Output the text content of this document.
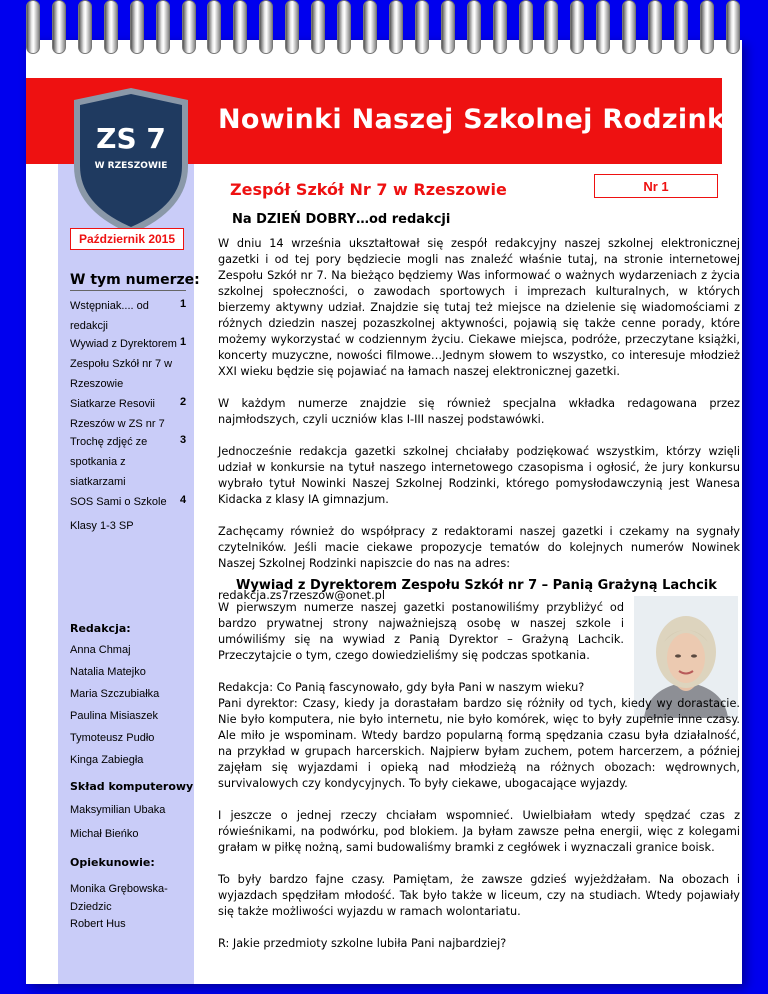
ZS 7
W RZESZOWIE
Nowinki Naszej Szkolnej Rodzinki
Zespół Szkół Nr 7 w Rzeszowie	Nr 1
Październik 2015
W tym numerze:
Wstępniak.... od redakcji
1
Wywiad z Dyrektorem Zespołu Szkół nr 7 w Rzeszowie
1
Siatkarze Resovii Rzeszów w ZS nr 7
2
Trochę zdjęć ze spotkania z siatkarzami
3
SOS Sami o Szkole	4
Klasy 1-3 SP
Redakcja:
Anna Chmaj
Natalia Matejko
Maria Szczubiałka
Paulina Misiaszek
Tymoteusz Pudło
Kinga Zabiegła
Skład komputerowy
Maksymilian Ubaka
Michał Bieńko
Opiekunowie:
Monika Grębowska-Dziedzic
Robert Hus
Na DZIEŃ DOBRY…od redakcji

W dniu 14 września ukształtował się zespół redakcyjny naszej szkolnej elektronicznej gazetki i od tej pory będziecie mogli nas znaleźć właśnie tutaj, na stronie internetowej Zespołu Szkół nr 7. Na bieżąco będziemy Was informować o ważnych wydarzeniach z życia szkolnej społeczności, o zawodach sportowych i imprezach kulturalnych, w których bierzemy aktywny udział. Znajdzie się tutaj też miejsce na dzielenie się wiadomościami z różnych dziedzin naszej pozaszkolnej aktywności, pojawią się także cenne porady, które możemy wykorzystać w codziennym życiu. Ciekawe miejsca, podróże, przeczytane książki, koncerty muzyczne, nowości filmowe…Jednym słowem to wszystko, co interesuje młodzież XXI wieku będzie się pojawiać na łamach naszej elektronicznej gazetki.

W każdym numerze znajdzie się również specjalna wkładka redagowana przez najmłodszych, czyli uczniów klas I-III naszej podstawówki.

Jednocześnie redakcja gazetki szkolnej chciałaby podziękować wszystkim, którzy wzięli udział w konkursie na tytuł naszego internetowego czasopisma i ogłosić, że jury konkursu wybrało tytuł Nowinki Naszej Szkolnej Rodzinki, którego pomysłodawczynią jest Wanesa Kidacka z klasy IA gimnazjum.

Zachęcamy również do współpracy z redaktorami naszej gazetki i czekamy na sygnały czytelników. Jeśli macie ciekawe propozycje tematów do kolejnych numerów Nowinek Naszej Szkolnej Rodzinki napiszcie do nas na adres:

redakcja.zs7rzeszow@onet.pl

Wywiad z Dyrektorem Zespołu Szkół nr 7 – Panią Grażyną Lachcik

W pierwszym numerze naszej gazetki postanowiliśmy przybliżyć od bardzo prywatnej strony najważniejszą osobę w naszej szkole i umówiliśmy się na wywiad z Panią Dyrektor – Grażyną Lachcik. Przeczytajcie o tym, czego dowiedzieliśmy się podczas spotkania.

Redakcja: Co Panią fascynowało, gdy była Pani w naszym wieku?

Pani dyrektor: Czasy, kiedy ja dorastałam bardzo się różniły od tych, kiedy wy dorastacie. Nie było komputera, nie było internetu, nie było komórek, więc to były zupełnie inne czasy. Ale miło je wspominam. Wtedy bardzo popularną formą spędzania czasu była działalność, na przykład w grupach harcerskich. Najpierw byłam zuchem, potem harcerzem, a później zajęłam się wyjazdami i opieką nad młodzieżą na różnych obozach: wędrownych, survivalowych czy kondycyjnych. To były ciekawe, ubogacające wyjazdy.

I jeszcze o jednej rzeczy chciałam wspomnieć. Uwielbiałam wtedy spędzać czas z rówieśnikami, na podwórku, pod blokiem. Ja byłam zawsze pełna energii, więc z kolegami grałam w piłkę nożną, sami budowaliśmy bramki z cegłówek i wyznaczali granice boisk.

To były bardzo fajne czasy. Pamiętam, że zawsze gdzieś wyjeżdżałam. Na obozach i wyjazdach spędziłam młodość. Tak było także w liceum, czy na studiach. Wtedy pojawiały się także możliwości wyjazdu w ramach wolontariatu.

R: Jakie przedmioty szkolne lubiła Pani najbardziej?
